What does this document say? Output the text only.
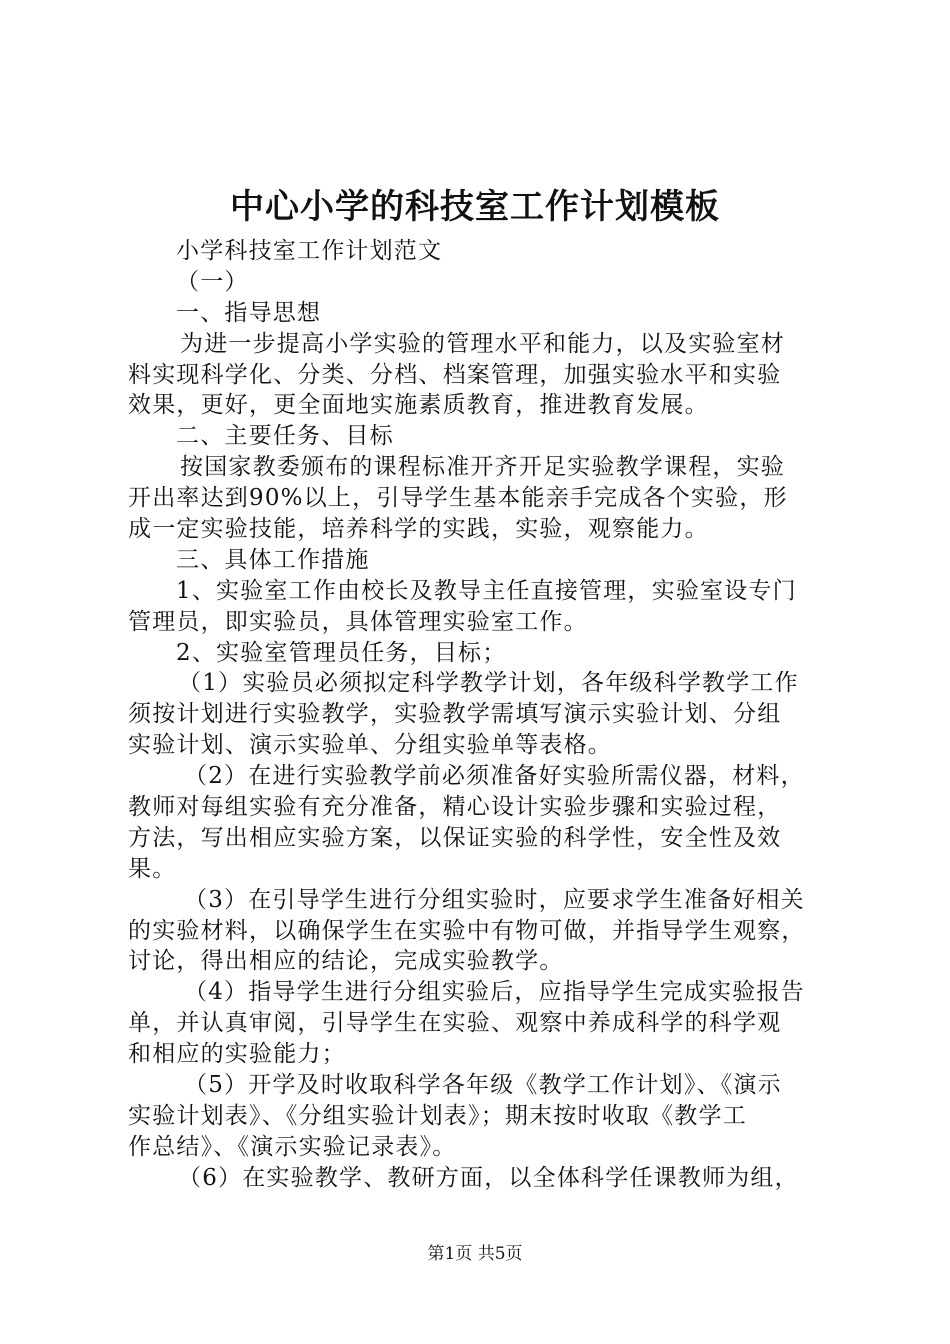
中心小学的科技室工作计划模板
小学科技室工作计划范文
（一）
一、指导思想
为进一步提高小学实验的管理水平和能力，以及实验室材
料实现科学化、分类、分档、档案管理，加强实验水平和实验
效果，更好，更全面地实施素质教育，推进教育发展。
二、主要任务、目标
按国家教委颁布的课程标准开齐开足实验教学课程，实验
开出率达到90%以上，引导学生基本能亲手完成各个实验，形
成一定实验技能，培养科学的实践，实验，观察能力。
三、具体工作措施
1、实验室工作由校长及教导主任直接管理，实验室设专门
管理员，即实验员，具体管理实验室工作。
2、实验室管理员任务，目标；
（1）实验员必须拟定科学教学计划，各年级科学教学工作
须按计划进行实验教学，实验教学需填写演示实验计划、分组
实验计划、演示实验单、分组实验单等表格。
（2）在进行实验教学前必须准备好实验所需仪器，材料，
教师对每组实验有充分准备，精心设计实验步骤和实验过程，
方法，写出相应实验方案，以保证实验的科学性，安全性及效
果。
（3）在引导学生进行分组实验时，应要求学生准备好相关
的实验材料，以确保学生在实验中有物可做，并指导学生观察，
讨论，得出相应的结论，完成实验教学。
（4）指导学生进行分组实验后，应指导学生完成实验报告
单，并认真审阅，引导学生在实验、观察中养成科学的科学观
和相应的实验能力；
（5）开学及时收取科学各年级《教学工作计划》、《演示
实验计划表》、《分组实验计划表》；期末按时收取《教学工
作总结》、《演示实验记录表》。
（6）在实验教学、教研方面，以全体科学任课教师为组，
第1页 共5页
